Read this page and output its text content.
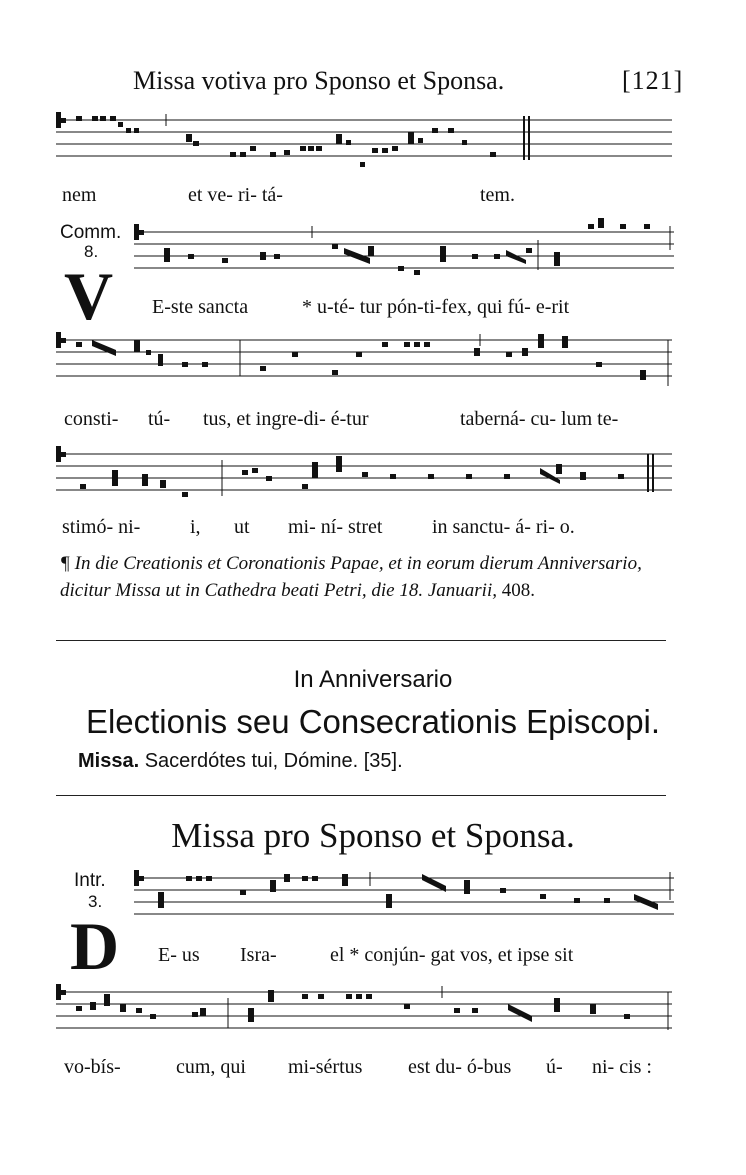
Missa votiva pro Sponso et Sponsa.	[121]
nem	et ve- ri- tá-	tem.
Comm.
8.
V E-ste sancta	* u-té- tur pón-ti-fex, qui fú- e-rit
consti- tú- tus, et ingre-di- é-tur	taberná- cu- lum te-
stimó- ni- i, ut mi- ní- stret in sanctu- á- ri- o.
¶ In die Creationis et Coronationis Papae, et in eorum dierum Anniversario, dicitur Missa ut in Cathedra beati Petri, die 18. Januarii, 408.
In Anniversario
Electionis seu Consecrationis Episcopi.
Missa. Sacerdótes tui, Dómine. [35].
Missa pro Sponso et Sponsa.
Intr.
3.
D E- us Isra-	el * conjún- gat vos, et ipse sit
vo-bís-	cum, qui mi-sértus est du- ó-bus ú- ni- cis :
